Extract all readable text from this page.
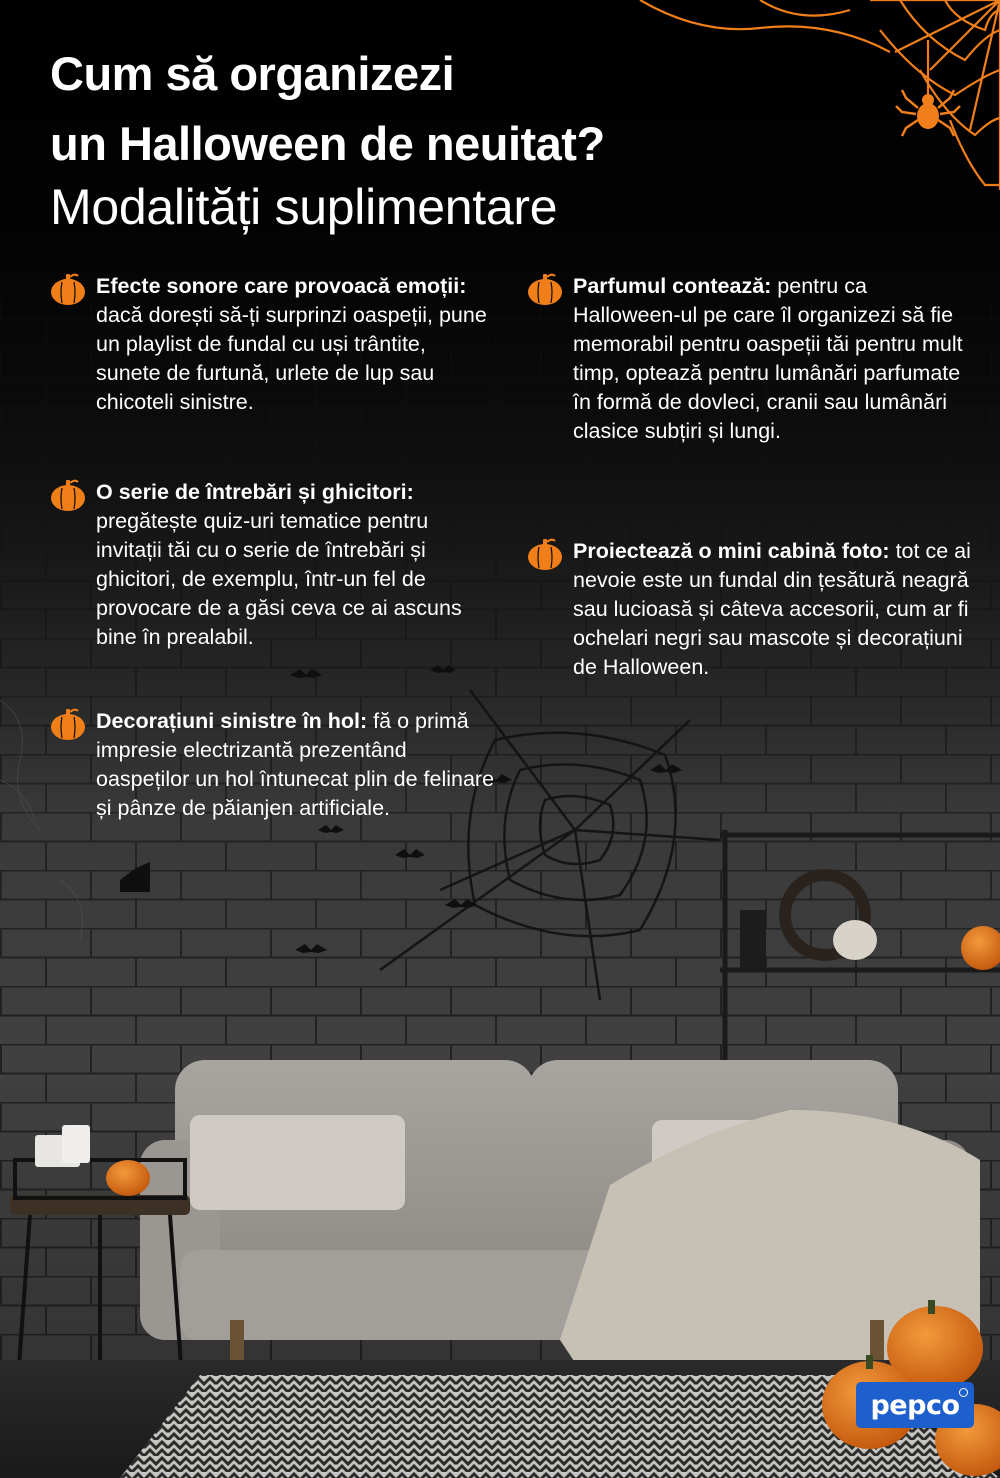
Cum să organizezi
un Halloween de neuitat?
Modalități suplimentare

Efecte sonore care provoacă emoții: dacă dorești să-ți surprinzi oaspeții, pune un playlist de fundal cu uși trântite, sunete de furtună, urlete de lup sau chicoteli sinistre.

O serie de întrebări și ghicitori: pregătește quiz-uri tematice pentru invitații tăi cu o serie de întrebări și ghicitori, de exemplu, într-un fel de provocare de a găsi ceva ce ai ascuns bine în prealabil.

Decorațiuni sinistre în hol: fă o primă impresie electrizantă prezentând oaspeților un hol întunecat plin de felinare și pânze de păianjen artificiale.

Parfumul contează: pentru ca Halloween-ul pe care îl organizezi să fie memorabil pentru oaspeții tăi pentru mult timp, optează pentru lumânări parfumate în formă de dovleci, cranii sau lumânări clasice subțiri și lungi.

Proiectează o mini cabină foto: tot ce ai nevoie este un fundal din țesătură neagră sau lucioasă și câteva accesorii, cum ar fi ochelari negri sau mascote și decorațiuni de Halloween.

pepco
